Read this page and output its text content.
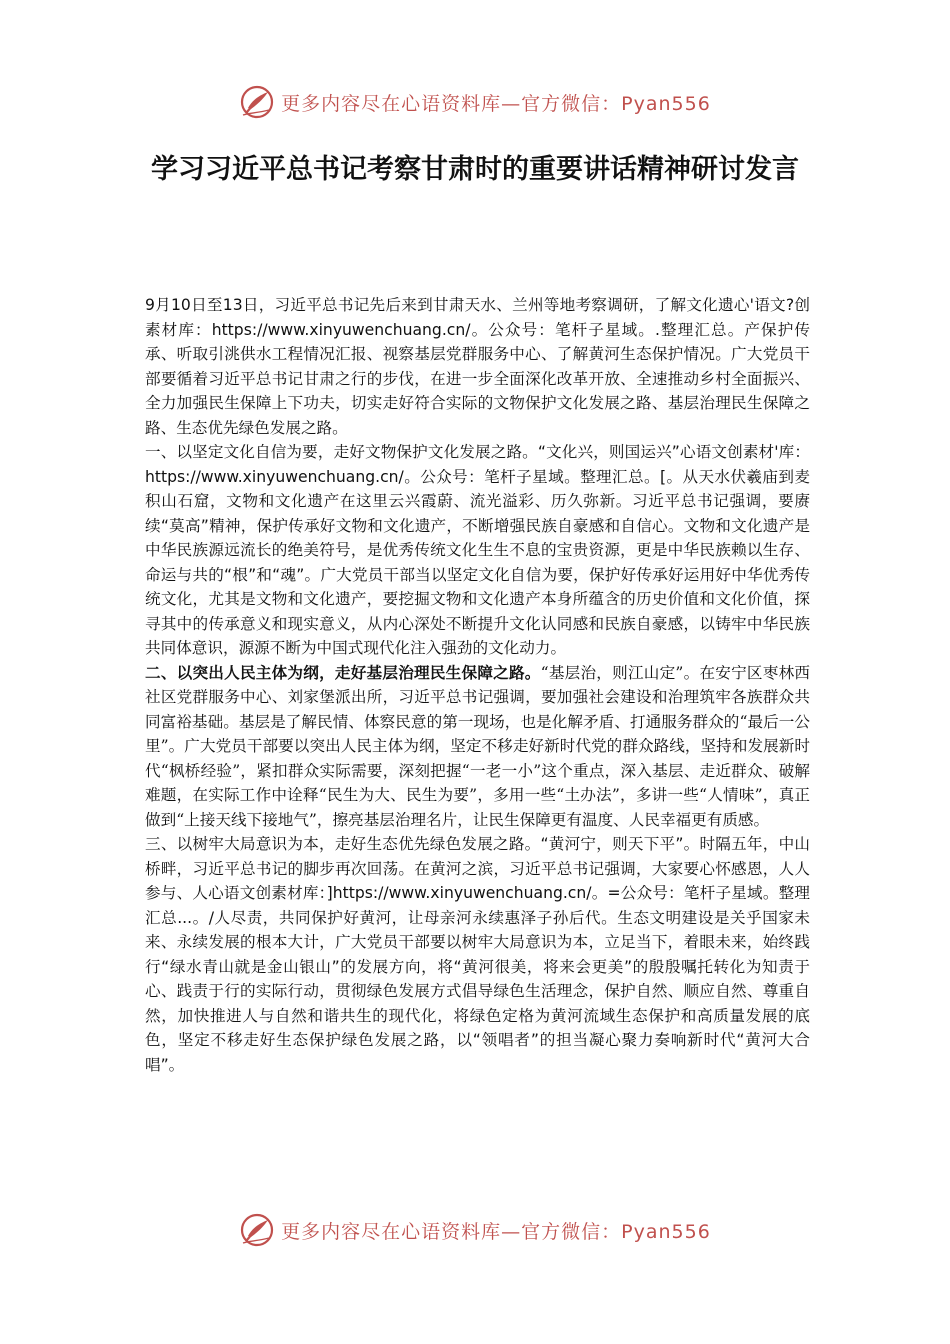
更多内容尽在心语资料库—官方微信：Pyan556
学习习近平总书记考察甘肃时的重要讲话精神研讨发言

9月10日至13日，习近平总书记先后来到甘肃天水、兰州等地考察调研，了解文化遗心'语文?创素材库：https://www.xinyuwenchuang.cn/。公众号：笔杆子星域。.整理汇总。产保护传承、听取引洮供水工程情况汇报、视察基层党群服务中心、了解黄河生态保护情况。广大党员干部要循着习近平总书记甘肃之行的步伐，在进一步全面深化改革开放、全速推动乡村全面振兴、全力加强民生保障上下功夫，切实走好符合实际的文物保护文化发展之路、基层治理民生保障之路、生态优先绿色发展之路。

一、以坚定文化自信为要，走好文物保护文化发展之路。“文化兴，则国运兴”心语文创素材'库：https://www.xinyuwenchuang.cn/。公众号：笔杆子星域。整理汇总。[。从天水伏羲庙到麦积山石窟，文物和文化遗产在这里云兴霞蔚、流光溢彩、历久弥新。习近平总书记强调，要赓续“莫高”精神，保护传承好文物和文化遗产，不断增强民族自豪感和自信心。文物和文化遗产是中华民族源远流长的绝美符号，是优秀传统文化生生不息的宝贵资源，更是中华民族赖以生存、命运与共的“根”和“魂”。广大党员干部当以坚定文化自信为要，保护好传承好运用好中华优秀传统文化，尤其是文物和文化遗产，要挖掘文物和文化遗产本身所蕴含的历史价值和文化价值，探寻其中的传承意义和现实意义，从内心深处不断提升文化认同感和民族自豪感，以铸牢中华民族共同体意识，源源不断为中国式现代化注入强劲的文化动力。

二、以突出人民主体为纲，走好基层治理民生保障之路。“基层治，则江山定”。在安宁区枣林西社区党群服务中心、刘家堡派出所，习近平总书记强调，要加强社会建设和治理筑牢各族群众共同富裕基础。基层是了解民情、体察民意的第一现场，也是化解矛盾、打通服务群众的“最后一公里”。广大党员干部要以突出人民主体为纲，坚定不移走好新时代党的群众路线，坚持和发展新时代“枫桥经验”，紧扣群众实际需要，深刻把握“一老一小”这个重点，深入基层、走近群众、破解难题，在实际工作中诠释“民生为大、民生为要”，多用一些“土办法”，多讲一些“人情味”，真正做到“上接天线下接地气”，擦亮基层治理名片，让民生保障更有温度、人民幸福更有质感。

三、以树牢大局意识为本，走好生态优先绿色发展之路。“黄河宁，则天下平”。时隔五年，中山桥畔，习近平总书记的脚步再次回荡。在黄河之滨，习近平总书记强调，大家要心怀感恩，人人参与、人心语文创素材库：]https://www.xinyuwenchuang.cn/。=公众号：笔杆子星域。整理汇总...。/人尽责，共同保护好黄河，让母亲河永续惠泽子孙后代。生态文明建设是关乎国家未来、永续发展的根本大计，广大党员干部要以树牢大局意识为本，立足当下，着眼未来，始终践行“绿水青山就是金山银山”的发展方向，将“黄河很美，将来会更美”的殷殷嘱托转化为知责于心、践责于行的实际行动，贯彻绿色发展方式倡导绿色生活理念，保护自然、顺应自然、尊重自然，加快推进人与自然和谐共生的现代化，将绿色定格为黄河流域生态保护和高质量发展的底色，坚定不移走好生态保护绿色发展之路，以“领唱者”的担当凝心聚力奏响新时代“黄河大合唱”。

更多内容尽在心语资料库—官方微信：Pyan556
